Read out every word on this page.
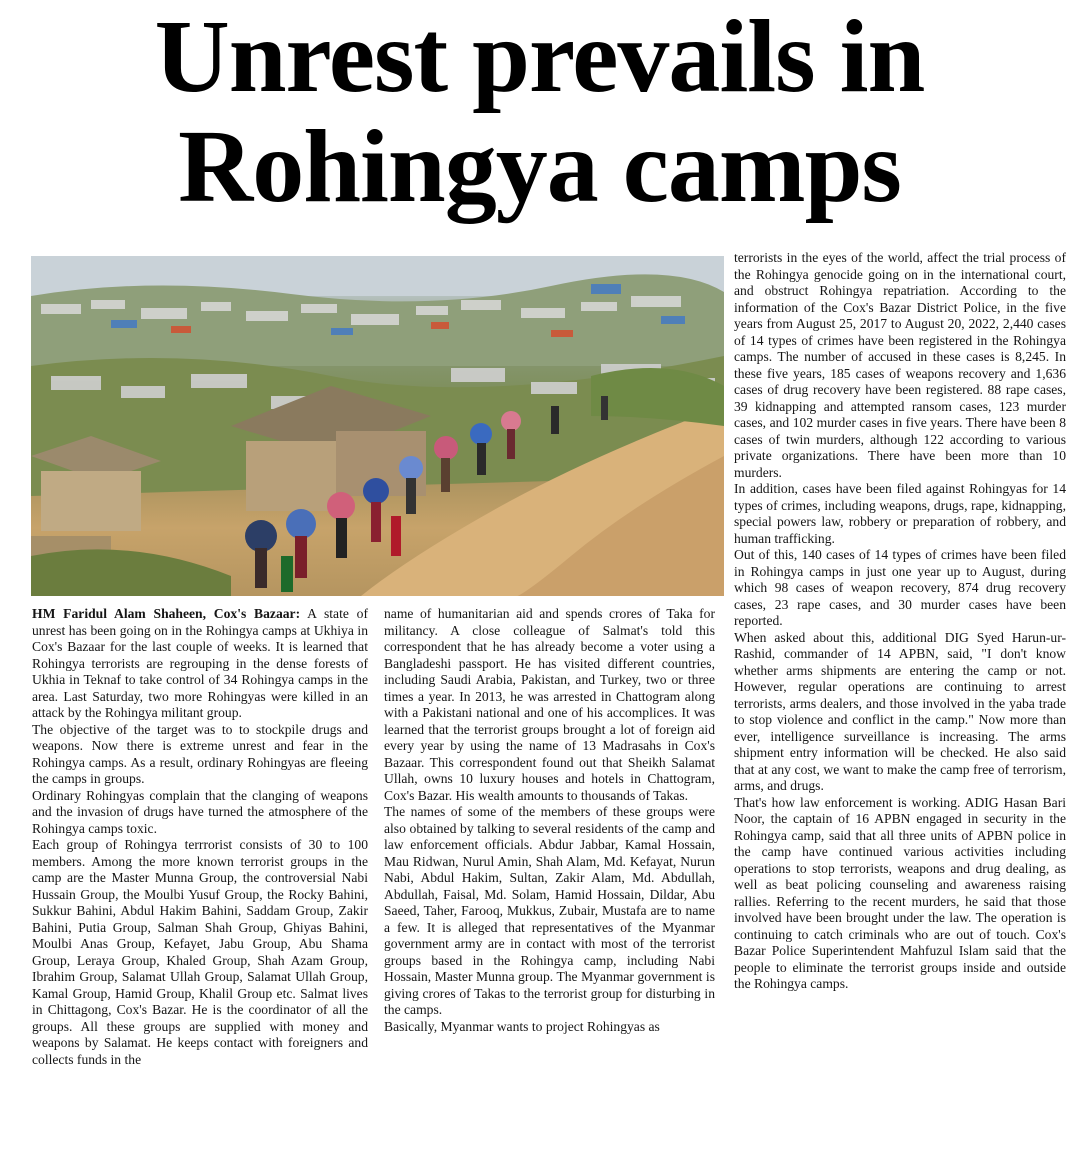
Unrest prevails in
Rohingya camps

HM Faridul Alam Shaheen, Cox's Bazaar: A state of unrest has been going on in the Rohingya camps at Ukhiya in Cox's Bazaar for the last couple of weeks. It is learned that Rohingya terrorists are regrouping in the dense forests of Ukhia in Teknaf to take control of 34 Rohingya camps in the area. Last Saturday, two more Rohingyas were killed in an attack by the Rohingya militant group.

The objective of the target was to to stockpile drugs and weapons. Now there is extreme unrest and fear in the Rohingya camps. As a result, ordinary Rohingyas are fleeing the camps in groups.

Ordinary Rohingyas complain that the clanging of weapons and the invasion of drugs have turned the atmosphere of the Rohingya camps toxic.

Each group of Rohingya terrrorist consists of 30 to 100 members. Among the more known terrorist groups in the camp are the Master Munna Group, the controversial Nabi Hussain Group, the Moulbi Yusuf Group, the Rocky Bahini, Sukkur Bahini, Abdul Hakim Bahini, Saddam Group, Zakir Bahini, Putia Group, Salman Shah Group, Ghiyas Bahini, Moulbi Anas Group, Kefayet, Jabu Group, Abu Shama Group, Leraya Group, Khaled Group, Shah Azam Group, Ibrahim Group, Salamat Ullah Group, Salamat Ullah Group, Kamal Group, Hamid Group, Khalil Group etc. Salmat lives in Chittagong, Cox's Bazar. He is the coordinator of all the groups. All these groups are supplied with money and weapons by Salamat. He keeps contact with foreigners and collects funds in the

name of humanitarian aid and spends crores of Taka for militancy. A close colleague of Salmat's told this correspondent that he has already become a voter using a Bangladeshi passport. He has visited different countries, including Saudi Arabia, Pakistan, and Turkey, two or three times a year. In 2013, he was arrested in Chattogram along with a Pakistani national and one of his accomplices. It was learned that the terrorist groups brought a lot of foreign aid every year by using the name of 13 Madrasahs in Cox's Bazaar. This correspondent found out that Sheikh Salamat Ullah, owns 10 luxury houses and hotels in Chattogram, Cox's Bazar. His wealth amounts to thousands of Takas.

The names of some of the members of these groups were also obtained by talking to several residents of the camp and law enforcement officials. Abdur Jabbar, Kamal Hossain, Mau Ridwan, Nurul Amin, Shah Alam, Md. Kefayat, Nurun Nabi, Abdul Hakim, Sultan, Zakir Alam, Md. Abdullah, Abdullah, Faisal, Md. Solam, Hamid Hossain, Dildar, Abu Saeed, Taher, Farooq, Mukkus, Zubair, Mustafa are to name a few. It is alleged that representatives of the Myanmar government army are in contact with most of the terrorist groups based in the Rohingya camp, including Nabi Hossain, Master Munna group. The Myanmar government is giving crores of Takas to the terrorist group for disturbing in the camps.

Basically, Myanmar wants to project Rohingyas as

terrorists in the eyes of the world, affect the trial process of the Rohingya genocide going on in the international court, and obstruct Rohingya repatriation. According to the information of the Cox's Bazar District Police, in the five years from August 25, 2017 to August 20, 2022, 2,440 cases of 14 types of crimes have been registered in the Rohingya camps. The number of accused in these cases is 8,245. In these five years, 185 cases of weapons recovery and 1,636 cases of drug recovery have been registered. 88 rape cases, 39 kidnapping and attempted ransom cases, 123 murder cases, and 102 murder cases in five years. There have been 8 cases of twin murders, although 122 according to various private organizations. There have been more than 10 murders.

In addition, cases have been filed against Rohingyas for 14 types of crimes, including weapons, drugs, rape, kidnapping, special powers law, robbery or preparation of robbery, and human trafficking.

Out of this, 140 cases of 14 types of crimes have been filed in Rohingya camps in just one year up to August, during which 98 cases of weapon recovery, 874 drug recovery cases, 23 rape cases, and 30 murder cases have been reported.

When asked about this, additional DIG Syed Harun-ur-Rashid, commander of 14 APBN, said, "I don't know whether arms shipments are entering the camp or not. However, regular operations are continuing to arrest terrorists, arms dealers, and those involved in the yaba trade to stop violence and conflict in the camp." Now more than ever, intelligence surveillance is increasing. The arms shipment entry information will be checked. He also said that at any cost, we want to make the camp free of terrorism, arms, and drugs.

That's how law enforcement is working. ADIG Hasan Bari Noor, the captain of 16 APBN engaged in security in the Rohingya camp, said that all three units of APBN police in the camp have continued various activities including operations to stop terrorists, weapons and drug dealing, as well as beat policing counseling and awareness raising rallies. Referring to the recent murders, he said that those involved have been brought under the law. The operation is continuing to catch criminals who are out of touch. Cox's Bazar Police Superintendent Mahfuzul Islam said that the people to eliminate the terrorist groups inside and outside the Rohingya camps.
